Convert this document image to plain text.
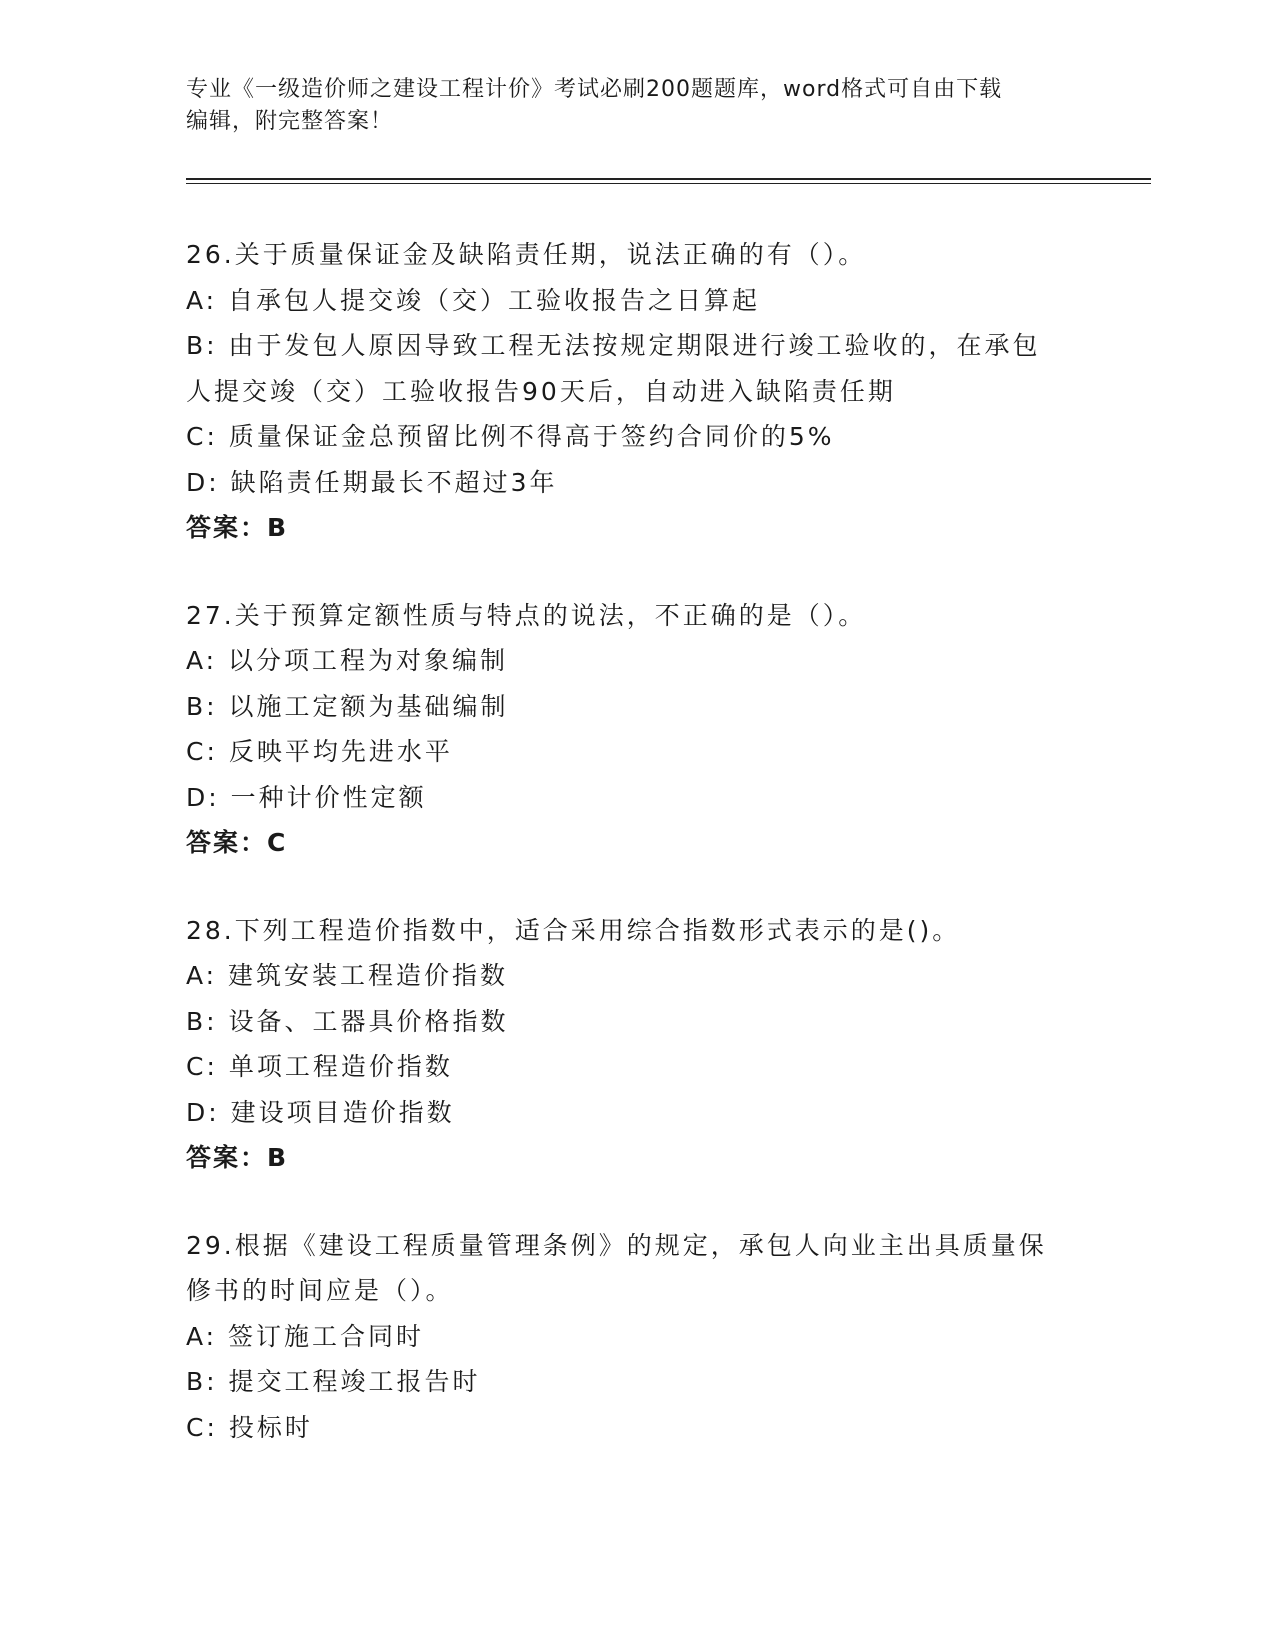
专业《一级造价师之建设工程计价》考试必刷200题题库，word格式可自由下载
编辑，附完整答案！
26.关于质量保证金及缺陷责任期，说法正确的有（）。
A: 自承包人提交竣（交）工验收报告之日算起
B: 由于发包人原因导致工程无法按规定期限进行竣工验收的，在承包
人提交竣（交）工验收报告90天后，自动进入缺陷责任期
C: 质量保证金总预留比例不得高于签约合同价的5%
D: 缺陷责任期最长不超过3年
答案：B
27.关于预算定额性质与特点的说法，不正确的是（）。
A: 以分项工程为对象编制
B: 以施工定额为基础编制
C: 反映平均先进水平
D: 一种计价性定额
答案：C
28.下列工程造价指数中，适合采用综合指数形式表示的是()。
A: 建筑安装工程造价指数
B: 设备、工器具价格指数
C: 单项工程造价指数
D: 建设项目造价指数
答案：B
29.根据《建设工程质量管理条例》的规定，承包人向业主出具质量保
修书的时间应是（）。
A: 签订施工合同时
B: 提交工程竣工报告时
C: 投标时
